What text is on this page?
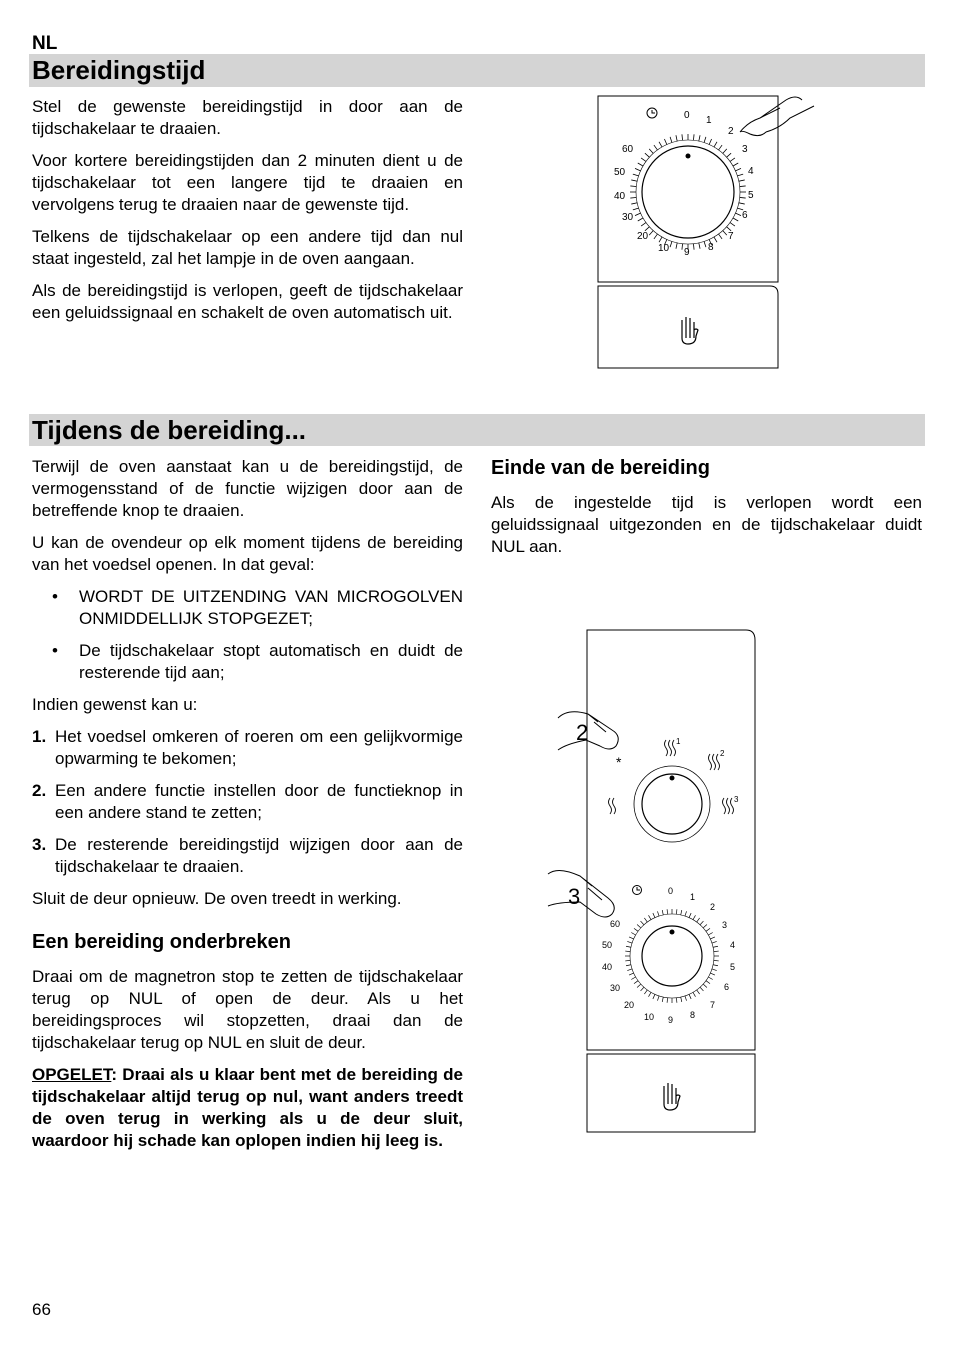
NL
Bereidingstijd

Stel de gewenste bereidingstijd in door aan de tijdschakelaar te draaien.

Voor kortere bereidingstijden dan 2 minuten dient u de tijdschakelaar tot een langere tijd te draaien en vervolgens terug te draaien naar de gewenste tijd.

Telkens de tijdschakelaar op een andere tijd dan nul staat ingesteld, zal het lampje in de oven aangaan.

Als de bereidingstijd is verlopen, geeft de tijdschakelaar een geluidssignaal en schakelt de oven automatisch uit.

0 1
2
3
4
5
6
7
8
9
10
20
30
40
50
60
Tijdens de bereiding...

Terwijl de oven aanstaat kan u de bereidingstijd, de vermogensstand of de functie wijzigen door aan de betreffende knop te draaien.

U kan de ovendeur op elk moment tijdens de bereiding van het voedsel openen. In dat geval:

• WORDT DE UITZENDING VAN MICROGOLVEN ONMIDDELLIJK STOPGEZET;
• De tijdschakelaar stopt automatisch en duidt de resterende tijd aan;

Indien gewenst kan u:

1. Het voedsel omkeren of roeren om een gelijkvormige opwarming te bekomen;
2. Een andere functie instellen door de functieknop in een andere stand te zetten;
3. De resterende bereidingstijd wijzigen door aan de tijdschakelaar te draaien.

Sluit de deur opnieuw. De oven treedt in werking.

Een bereiding onderbreken

Draai om de magnetron stop te zetten de tijdschakelaar terug op NUL of open de deur. Als u het bereidingsproces wil stopzetten, draai dan de tijdschakelaar terug op NUL en sluit de deur.

OPGELET: Draai als u klaar bent met de bereiding de tijdschakelaar altijd terug op nul, want anders treedt de oven terug in werking als u de deur sluit, waardoor hij schade kan oplopen indien hij leeg is.

Einde van de bereiding

Als de ingestelde tijd is verlopen wordt een geluidssignaal uitgezonden en de tijdschakelaar duidt NUL aan.

*
1
2
3
2
0
1
2
3
4
5
6
7
8
9
10
20
30
40
50
60
3
66
